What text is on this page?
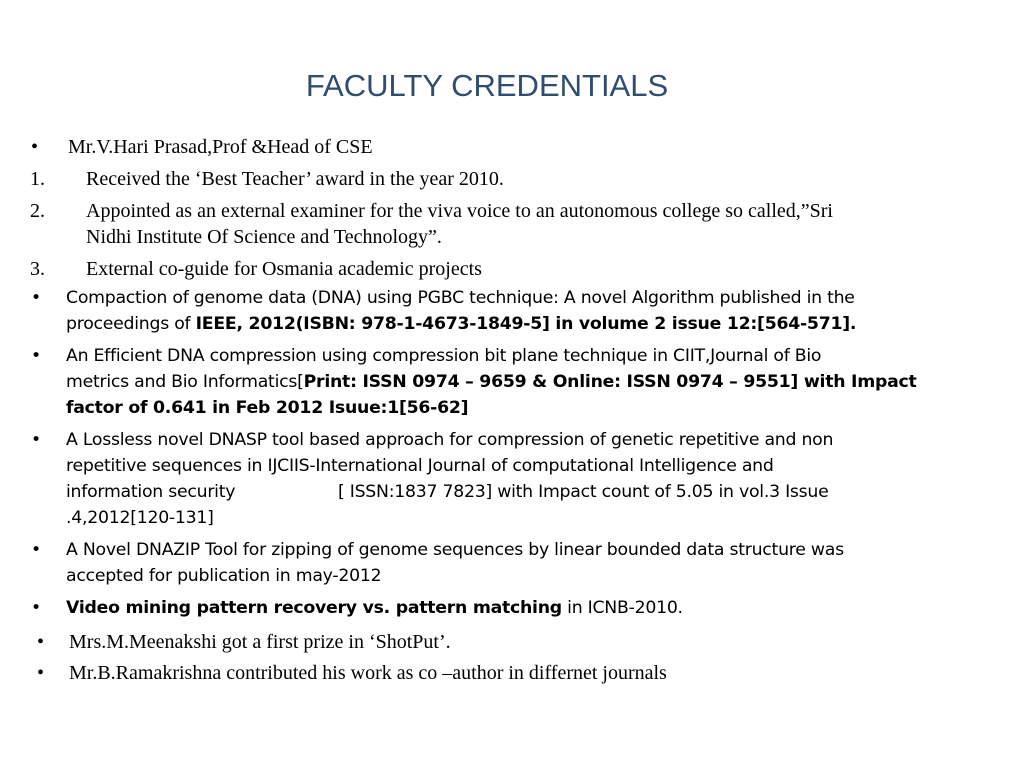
FACULTY CREDENTIALS
• Mr.V.Hari Prasad,Prof &Head of CSE
1. Received the ‘Best Teacher’ award in the year 2010.
2. Appointed as an external examiner for the viva voice to an autonomous college so called,”Sri
Nidhi Institute Of Science and Technology”.
3. External co-guide for Osmania academic projects
• Compaction of genome data (DNA) using PGBC technique: A novel Algorithm published in the
proceedings of IEEE, 2012(ISBN: 978-1-4673-1849-5] in volume 2 issue 12:[564-571].
• An Efficient DNA compression using compression bit plane technique in CIIT,Journal of Bio
metrics and Bio Informatics[Print: ISSN 0974 – 9659 & Online: ISSN 0974 – 9551] with Impact
factor of 0.641 in Feb 2012 Isuue:1[56-62]
• A Lossless novel DNASP tool based approach for compression of genetic repetitive and non
repetitive sequences in IJCIIS-International Journal of computational Intelligence and
information security	[ ISSN:1837 7823] with Impact count of 5.05 in vol.3 Issue
.4,2012[120-131]
• A Novel DNAZIP Tool for zipping of genome sequences by linear bounded data structure was
accepted for publication in may-2012
• Video mining pattern recovery vs. pattern matching in ICNB-2010.
• Mrs.M.Meenakshi got a first prize in ‘ShotPut’.
• Mr.B.Ramakrishna contributed his work as co –author in differnet journals
